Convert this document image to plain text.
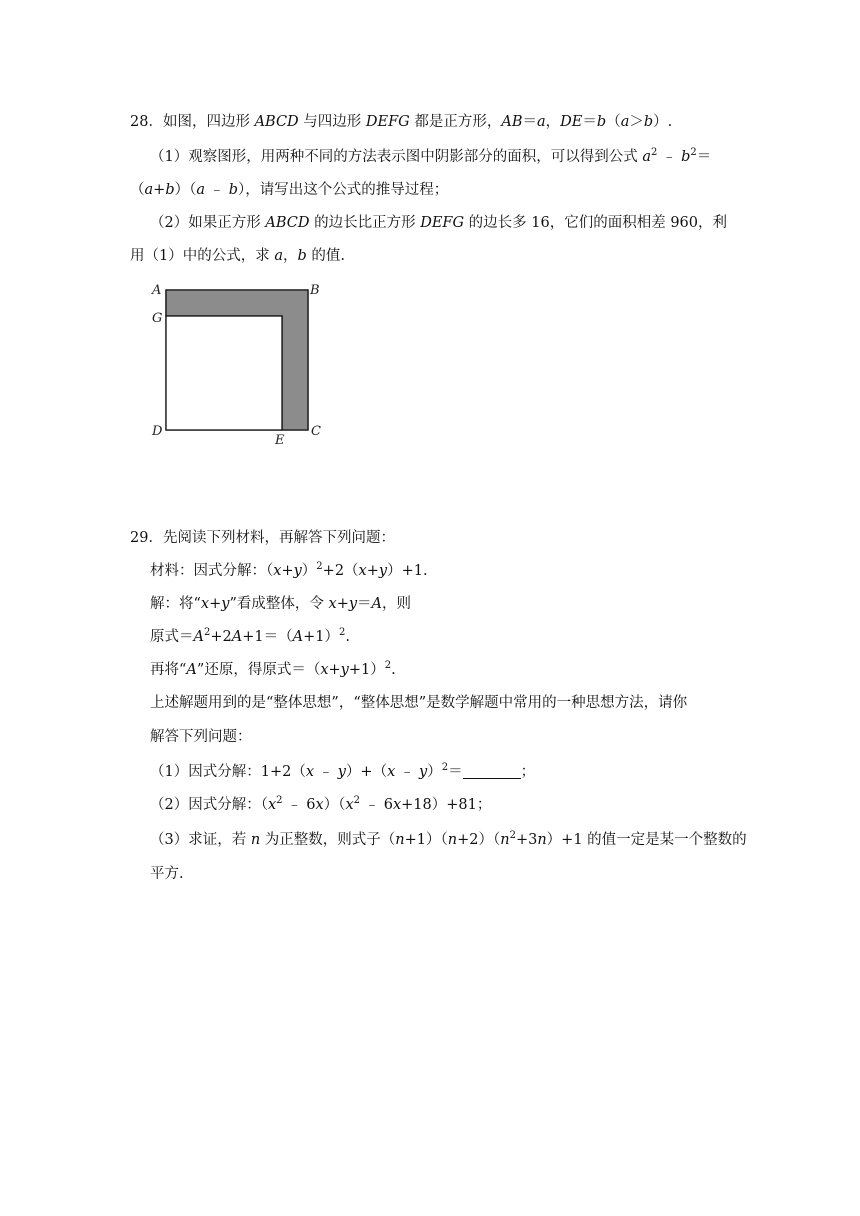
28．如图，四边形 ABCD 与四边形 DEFG 都是正方形，AB＝a，DE＝b（a＞b）.
（1）观察图形，用两种不同的方法表示图中阴影部分的面积，可以得到公式 $a^2$ ﹣ $b^2=$
（a+b）（a ﹣ b），请写出这个公式的推导过程；
（2）如果正方形 ABCD 的边长比正方形 DEFG 的边长多 16，它们的面积相差 960，利
用（1）中的公式，求 a，b 的值.
A	B
G
D
E
C
29．先阅读下列材料，再解答下列问题：
材料：因式分解：$(x+y)^2+2(x+y)+1$.
解：将“x+y”看成整体，令 x+y＝A，则
原式$=A^2+2A+1=(A+1)^2$.
再将“A”还原，得原式$=(x+y+1)^2$.
上述解题用到的是“整体思想”，“整体思想”是数学解题中常用的一种思想方法，请你
解答下列问题：
（1）因式分解：1+2（x ﹣ y）+（x ﹣ y）$^2$＝	；
（2）因式分解：（$x^2$ ﹣ $6x)(x^2$ ﹣ 6x+18）+81；
（3）求证，若 n 为正整数，则式子$(n+1)(n+2)(n^2+3n)+1$ 的值一定是某一个整数的
平方.
